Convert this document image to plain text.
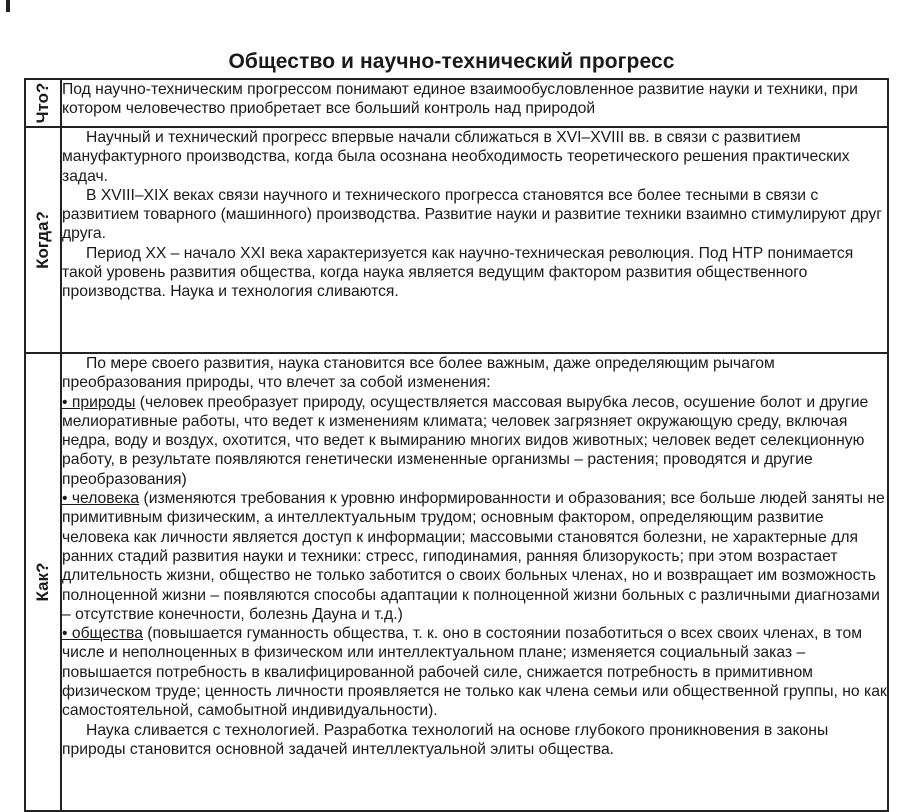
Общество и научно-технический прогресс
Что?	Под научно-техническим прогрессом понимают единое взаимообусловленное развитие науки и техники, при котором человечество приобретает все больший контроль над природой

Когда?	Научный и технический прогресс впервые начали сближаться в XVI–XVIII вв. в связи с развитием мануфактурного производства, когда была осознана необходимость теоретического решения практических задач.

В XVIII–XIX веках связи научного и технического прогресса становятся все более тесными в связи с развитием товарного (машинного) производства. Развитие науки и развитие техники взаимно стимулируют друг друга.

Период XX – начало XXI века характеризуется как научно-техническая революция. Под НТР понимается такой уровень развития общества, когда наука является ведущим фактором развития общественного производства. Наука и технология сливаются.

Как?	По мере своего развития, наука становится все более важным, даже определяющим рычагом преобразования природы, что влечет за собой изменения:

• природы (человек преобразует природу, осуществляется массовая вырубка лесов, осушение болот и другие мелиоративные работы, что ведет к изменениям климата; человек загрязняет окружающую среду, включая недра, воду и воздух, охотится, что ведет к вымиранию многих видов животных; человек ведет селекционную работу, в результате появляются генетически измененные организмы – растения; проводятся и другие преобразования)

• человека (изменяются требования к уровню информированности и образования; все больше людей заняты не примитивным физическим, а интеллектуальным трудом; основным фактором, определяющим развитие человека как личности является доступ к информации; массовыми становятся болезни, не характерные для ранних стадий развития науки и техники: стресс, гиподинамия, ранняя близорукость; при этом возрастает длительность жизни, общество не только заботится о своих больных членах, но и возвращает им возможность полноценной жизни – появляются способы адаптации к полноценной жизни больных с различными диагнозами – отсутствие конечности, болезнь Дауна и т.д.)

• общества (повышается гуманность общества, т. к. оно в состоянии позаботиться о всех своих членах, в том числе и неполноценных в физическом или интеллектуальном плане; изменяется социальный заказ – повышается потребность в квалифицированной рабочей силе, снижается потребность в примитивном физическом труде; ценность личности проявляется не только как члена семьи или общественной группы, но как самостоятельной, самобытной индивидуальности).

Наука сливается с технологией. Разработка технологий на основе глубокого проникновения в законы природы становится основной задачей интеллектуальной элиты общества.
